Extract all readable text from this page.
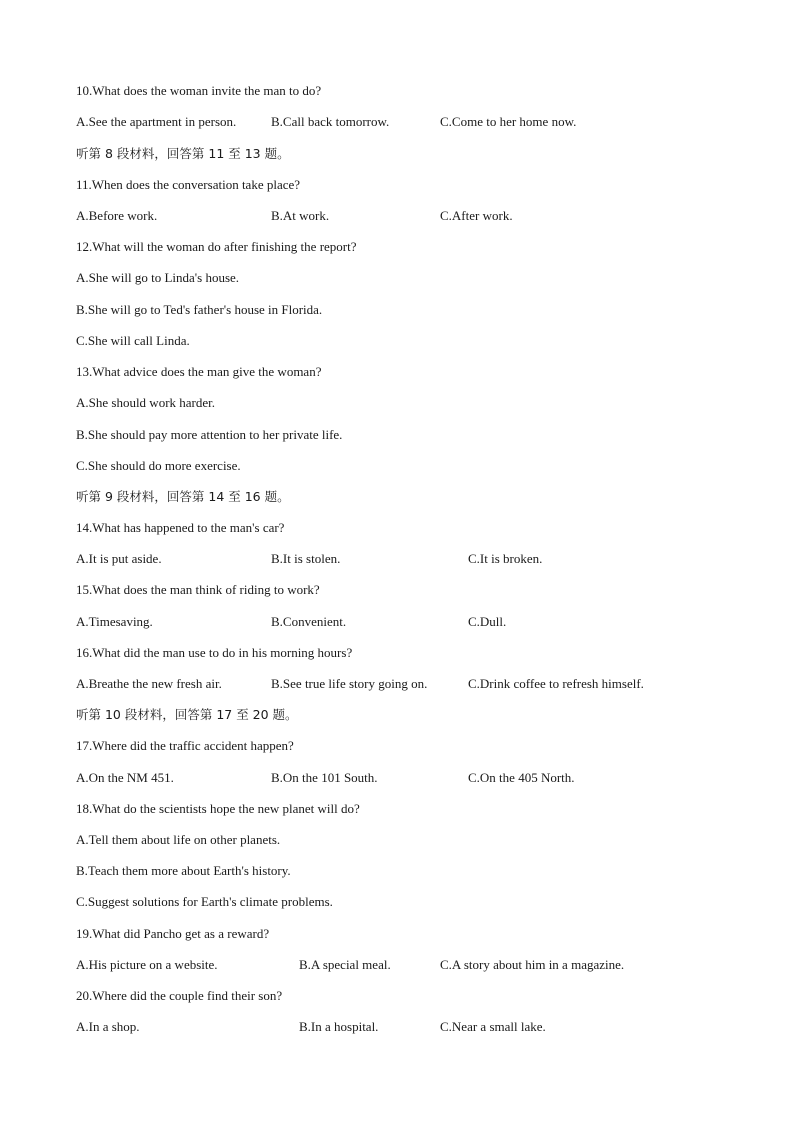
10.What does the woman invite the man to do?
A.See the apartment in person.	B.Call back tomorrow.	C.Come to her home now.
听第 8 段材料，回答第 11 至 13 题。
11.When does the conversation take place?
A.Before work.	B.At work.	C.After work.
12.What will the woman do after finishing the report?
A.She will go to Linda's house.
B.She will go to Ted's father's house in Florida.
C.She will call Linda.
13.What advice does the man give the woman?
A.She should work harder.
B.She should pay more attention to her private life.
C.She should do more exercise.
听第 9 段材料，回答第 14 至 16 题。
14.What has happened to the man's car?
A.It is put aside.	B.It is stolen.	C.It is broken.
15.What does the man think of riding to work?
A.Timesaving.	B.Convenient.	C.Dull.
16.What did the man use to do in his morning hours?
A.Breathe the new fresh air.	B.See true life story going on.	C.Drink coffee to refresh himself.
听第 10 段材料，回答第 17 至 20 题。
17.Where did the traffic accident happen?
A.On the NM 451.	B.On the 101 South.	C.On the 405 North.
18.What do the scientists hope the new planet will do?
A.Tell them about life on other planets.
B.Teach them more about Earth's history.
C.Suggest solutions for Earth's climate problems.
19.What did Pancho get as a reward?
A.His picture on a website.	B.A special meal.	C.A story about him in a magazine.
20.Where did the couple find their son?
A.In a shop.	B.In a hospital.	C.Near a small lake.
